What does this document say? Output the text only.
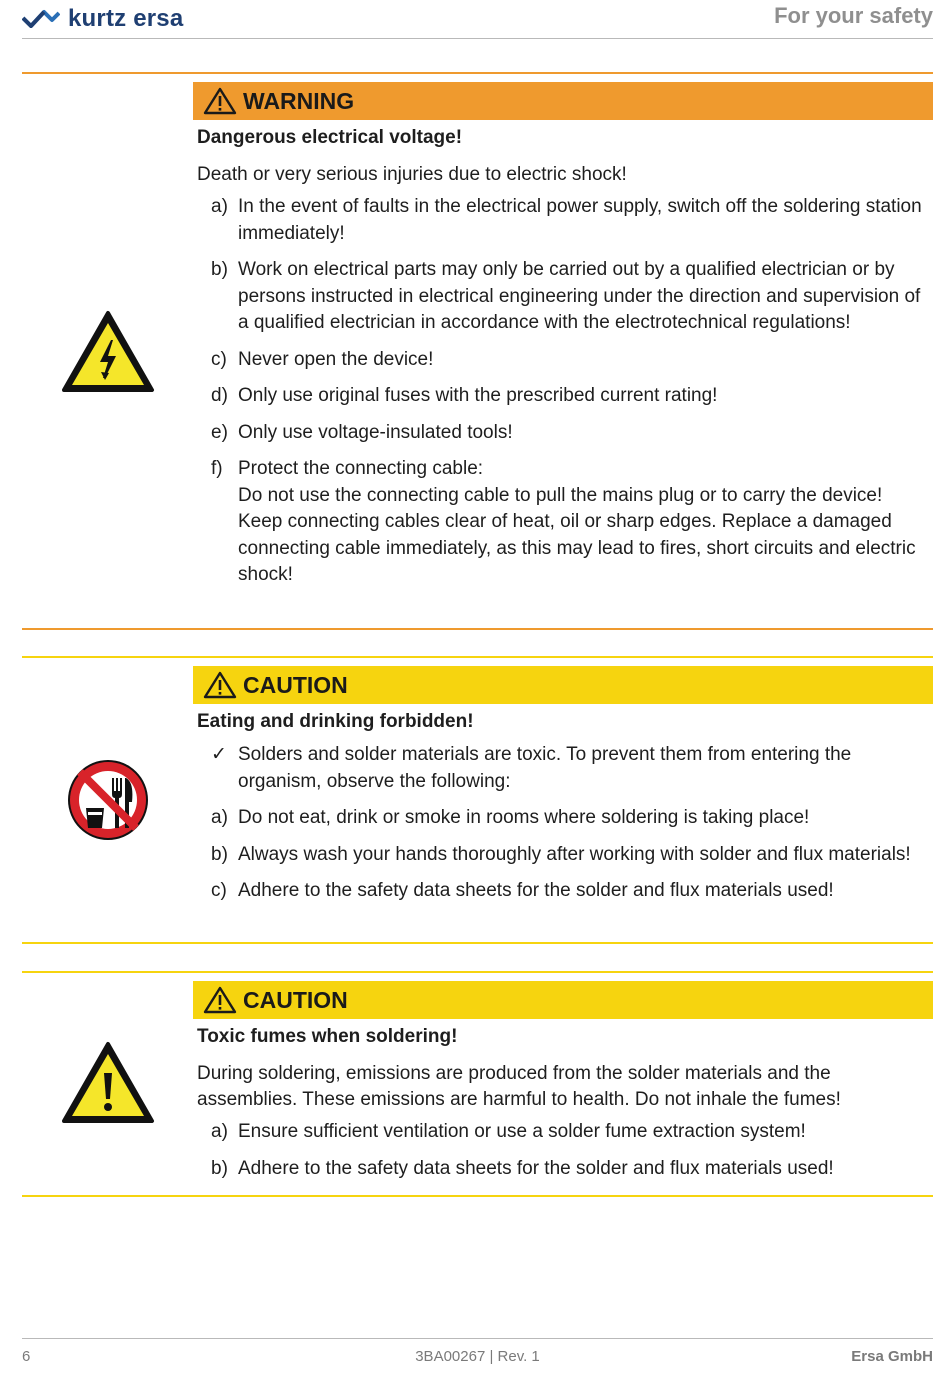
kurtz ersa	For your safety
WARNING
Dangerous electrical voltage!
Death or very serious injuries due to electric shock!
a) In the event of faults in the electrical power supply, switch off the soldering station immediately!
b) Work on electrical parts may only be carried out by a qualified electrician or by persons instructed in electrical engineering under the direction and supervision of a qualified electrician in accordance with the electrotechnical regulations!
c) Never open the device!
d) Only use original fuses with the prescribed current rating!
e) Only use voltage-insulated tools!
f) Protect the connecting cable:
Do not use the connecting cable to pull the mains plug or to carry the device! Keep connecting cables clear of heat, oil or sharp edges. Replace a damaged connecting cable immediately, as this may lead to fires, short circuits and electric shock!
CAUTION
Eating and drinking forbidden!
✓ Solders and solder materials are toxic. To prevent them from entering the organism, observe the following:
a) Do not eat, drink or smoke in rooms where soldering is taking place!
b) Always wash your hands thoroughly after working with solder and flux materials!
c) Adhere to the safety data sheets for the solder and flux materials used!
CAUTION
Toxic fumes when soldering!
During soldering, emissions are produced from the solder materials and the assemblies. These emissions are harmful to health. Do not inhale the fumes!
a) Ensure sufficient ventilation or use a solder fume extraction system!
b) Adhere to the safety data sheets for the solder and flux materials used!
6	3BA00267 | Rev. 1	Ersa GmbH
